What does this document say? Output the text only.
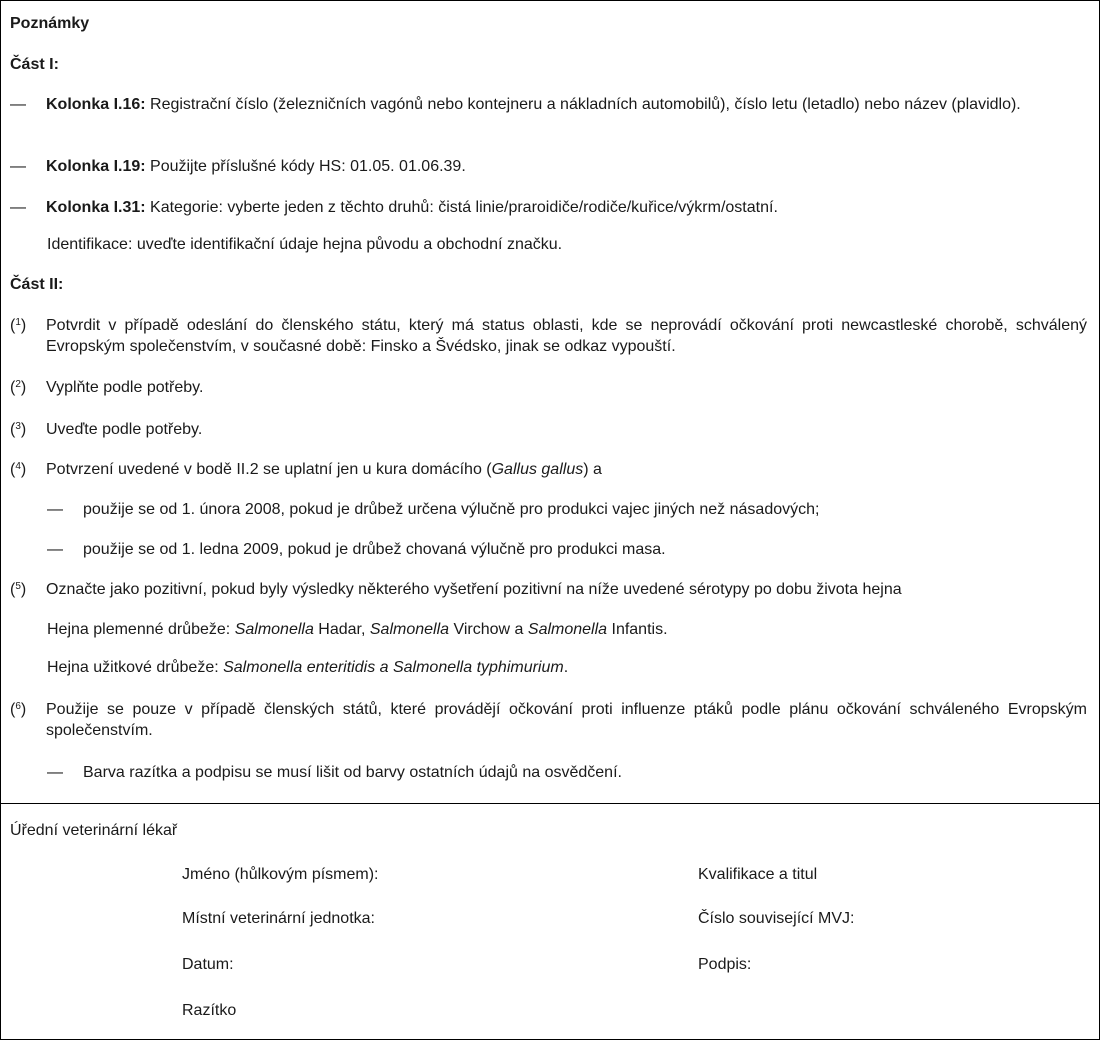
Poznámky
Část I:
— Kolonka I.16: Registrační číslo (železničních vagónů nebo kontejneru a nákladních automobilů), číslo letu (letadlo) nebo název (plavidlo).
— Kolonka I.19: Použijte příslušné kódy HS: 01.05. 01.06.39.
— Kolonka I.31: Kategorie: vyberte jeden z těchto druhů: čistá linie/praroidiče/rodiče/kuřice/výkrm/ostatní.
Identifikace: uveďte identifikační údaje hejna původu a obchodní značku.
Část II:
($^1$) Potvrdit v případě odeslání do členského státu, který má status oblasti, kde se neprovádí očkování proti newcastleské chorobě, schválený Evropským společenstvím, v současné době: Finsko a Švédsko, jinak se odkaz vypouští.
($^2$) Vyplňte podle potřeby.
($^3$) Uveďte podle potřeby.
($^4$) Potvrzení uvedené v bodě II.2 se uplatní jen u kura domácího (Gallus gallus) a
— použije se od 1. února 2008, pokud je drůbež určena výlučně pro produkci vajec jiných než násadových;
— použije se od 1. ledna 2009, pokud je drůbež chovaná výlučně pro produkci masa.
($^5$) Označte jako pozitivní, pokud byly výsledky některého vyšetření pozitivní na níže uvedené sérotypy po dobu života hejna
Hejna plemenné drůbeže: Salmonella Hadar, Salmonella Virchow a Salmonella Infantis.
Hejna užitkové drůbeže: Salmonella enteritidis a Salmonella typhimurium.
($^6$) Použije se pouze v případě členských států, které provádějí očkování proti influenze ptáků podle plánu očkování schváleného Evropským společenstvím.
— Barva razítka a podpisu se musí lišit od barvy ostatních údajů na osvědčení.
Úřední veterinární lékař
Jméno (hůlkovým písmem):	Kvalifikace a titul
Místní veterinární jednotka:	Číslo související MVJ:
Datum:	Podpis:
Razítko
